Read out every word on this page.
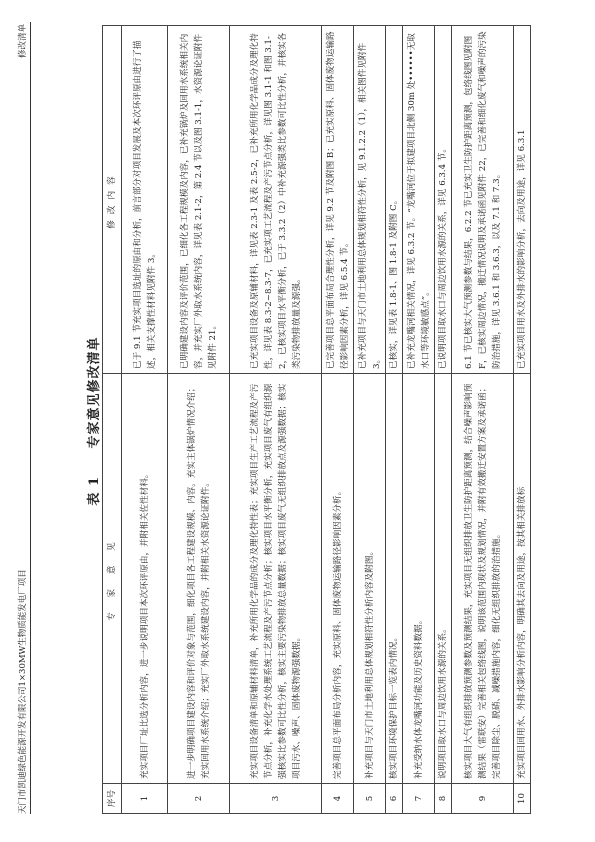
天门市凯迪绿色能源开发有限公司1×30MW生物质能发电厂项目
修改清单
表 1 专家意见修改清单
序号	专 家 意 见	修改内容
1	充实项目厂址比选分析内容，进一步说明项目本次环评原由，并附相关佐性材料。	已于 9.1 节充实项目选址的原由和分析，前言部分对项目发展及本次环评原由进行了描述，相关支撑性材料见附件 3。
2	进一步明确项目建设内容和评价对象与范围，细化项目各工程建设规模、内容。充实主体锅炉情况介绍；充实回用水系统介绍；充实厂外取水系统建设内容，并附相关水资源论证附件。	已明确建设内容及评价范围，已细化各工程规模及内容，已补充锅炉及回用水系统相关内容，并充实厂外取水系统内容，详见表 2.1-2，第 2.4 节以及图 3.1-1，水资源论证附件见附件 21。
3	充实项目设备清单和原辅材料清单，补充所用化学品的成分及理化特性表；充实项目生产工艺流程及产污节点分析，补充化学水处理系统工艺流程及产污节点分析；核实项目水平衡分析，充实项目废气有组织源强核实比参数可比性分析，核实主要污染物排放总量数据；核实项目废气无组织排放点及源强数据；核实项目污水、噪声、固体废物源强数据。	已充实项目设备及原辅材料，详见表 2.3-1 及表 2.5-2，已补充所用化学品成分及理化特性，详见表 8.3-2~8.3-7，已充实项工艺流程及产污节点分析，详见图 3.1-1 和图 3.1-2，已核实项目水平衡分析，已于 3.3.2（2）中补充源强类比参数可比性分析，并核实各类污染物排放量及源强。
4	完善项目总平面布局分析内容，充实原料、固体废物运输路径影响因素分析。	已完善项目总平面布局合理性分析，详见 9.2 节及附图 B；已充实原料、固体废物运输路径影响因素分析，详见 6.5.4 节。
5	补充项目与天门市土地利用总体规划相符性分析内容及附图。	已补充项目与天门市土地利用总体规划相符性分析，见 9.1.2.2（1），相关图件见附件 3。
6	核实项目环境保护目标一览表内情况。	已核实，详见表 1.8-1、图 1.8-1 及附图 C。
7	补充受纳水体龙嘴河功能及历史资料数据。	已补充龙嘴河相关情况，详见 6.3.2 节。“龙嘴河位于拟建项目北侧 30m 处••••••无取水口等环境敏感点”。
8	说明项目取水口与周边饮用水源的关系。	已说明项目取水口与周边饮用水源的关系，详见 6.3.4 节。
9	核实项目大气有组织排放预测参数及预测结果，充实项目无组织排放卫生防护距离预测，结合噪声影响预测结果（雷联安）完善相关包络线图，说明该范围内现状及规划情况，并附有效搬迁安置方案及承诺函；完善项目除尘、脱硝、减噪措施内容，细化无组织排放的治措施。	6.1 节已核实大气预测参数与结果，6.2.2 节已充实卫生防护距离预测，包络线图见附图 F，已核实周边情况，搬迁情况说明及承诺函见附件 22，已完善和细化废气和噪声的污染防治措施，详见 3.6.1 和 3.6.3，以及 7.1 和 7.3。
10	充实项目回用水、外排水影响分析内容，明确其去向及用途，按其相关排放标	已充实项目用水及外排水的影响分析，去向及用途，详见 6.3.1
